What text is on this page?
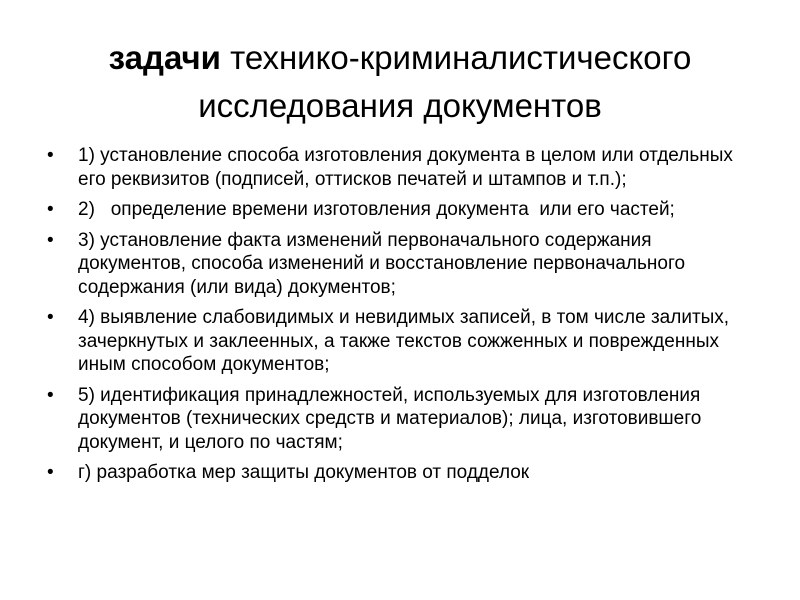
задачи технико-криминалистического исследования документов
• 1) установление способа изготовления документа в целом или отдельных его реквизитов (подписей, оттисков печатей и штампов и т.п.);
• 2)   определение времени изготовления документа  или его частей;
• 3) установление факта изменений первоначального содержания документов, способа изменений и восстановление первоначального содержания (или вида) документов;
• 4) выявление слабовидимых и невидимых записей, в том числе залитых, зачеркнутых и заклеенных, а также текстов сожженных и поврежденных иным способом документов;
• 5) идентификация принадлежностей, используемых для изготовления документов (технических средств и материалов); лица, изготовившего документ, и целого по частям;
• г) разработка мер защиты документов от подделок
